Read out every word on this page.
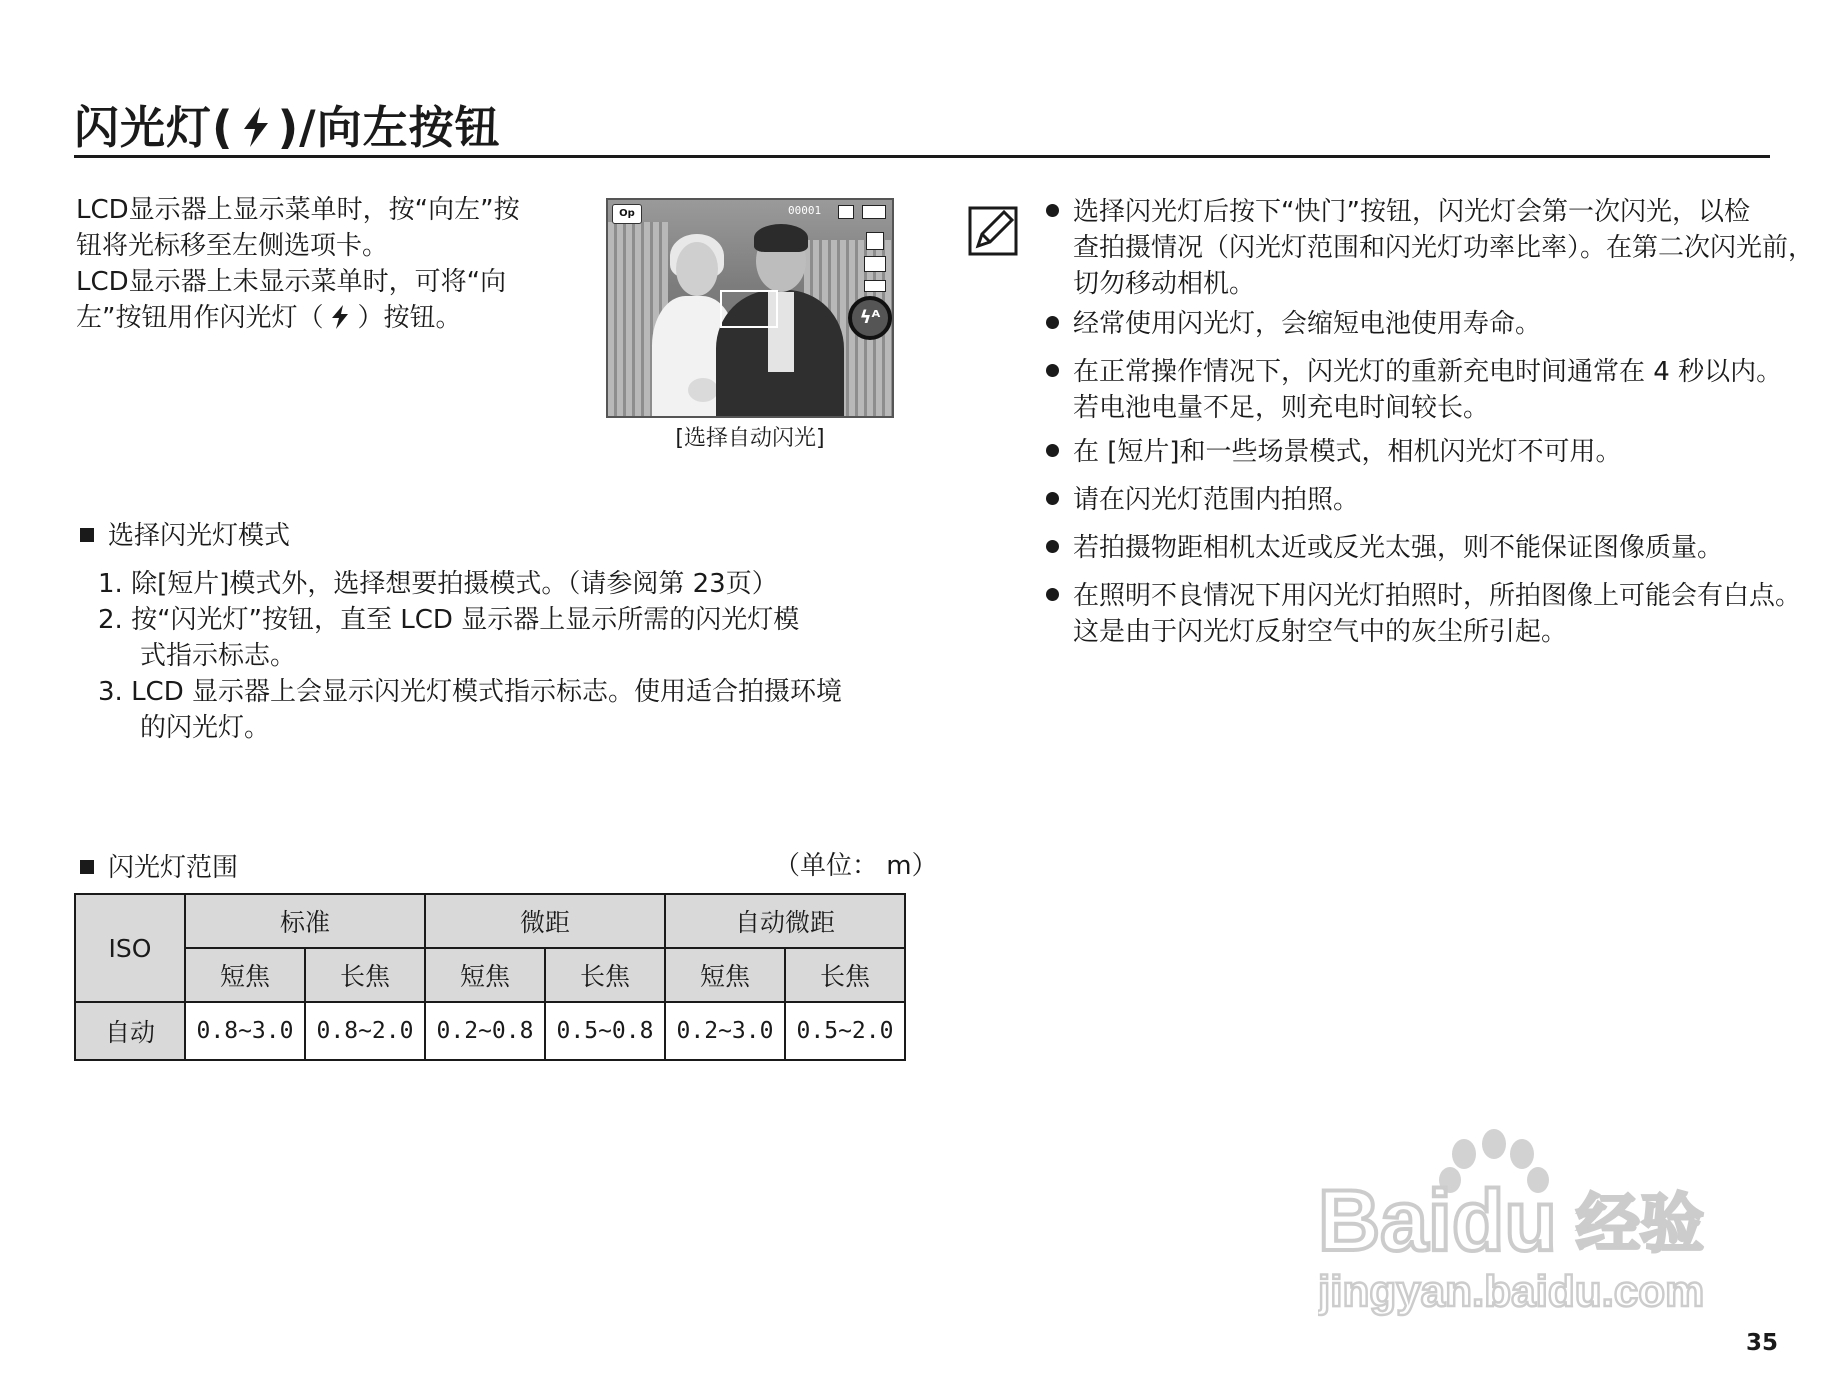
闪光灯( )/向左按钮
LCD显示器上显示菜单时，按“向左”按
钮将光标移至左侧选项卡。
LCD显示器上未显示菜单时，可将“向
左”按钮用作闪光灯（ ）按钮。
Op	00001
ϟᴬ
[选择自动闪光]
选择闪光灯模式
1. 除[短片]模式外，选择想要拍摄模式。（请参阅第 23页）
2. 按“闪光灯”按钮，直至 LCD 显示器上显示所需的闪光灯模
式指示标志。
3. LCD 显示器上会显示闪光灯模式指示标志。使用适合拍摄环境
的闪光灯。
闪光灯范围	（单位： m）
ISO	标准		微距		自动微距	
	短焦	长焦	短焦	长焦	短焦	长焦
自动	0.8~3.0	0.8~2.0	0.2~0.8	0.5~0.8	0.2~3.0	0.5~2.0
选择闪光灯后按下“快门”按钮，闪光灯会第一次闪光，以检
查拍摄情况（闪光灯范围和闪光灯功率比率）。在第二次闪光前，
切勿移动相机。
经常使用闪光灯，会缩短电池使用寿命。
在正常操作情况下，闪光灯的重新充电时间通常在 4 秒以内。
若电池电量不足，则充电时间较长。
在 [短片]和一些场景模式，相机闪光灯不可用。
请在闪光灯范围内拍照。
若拍摄物距相机太近或反光太强，则不能保证图像质量。
在照明不良情况下用闪光灯拍照时，所拍图像上可能会有白点。
这是由于闪光灯反射空气中的灰尘所引起。
Baidu 经验
jingyan.baidu.com
35
